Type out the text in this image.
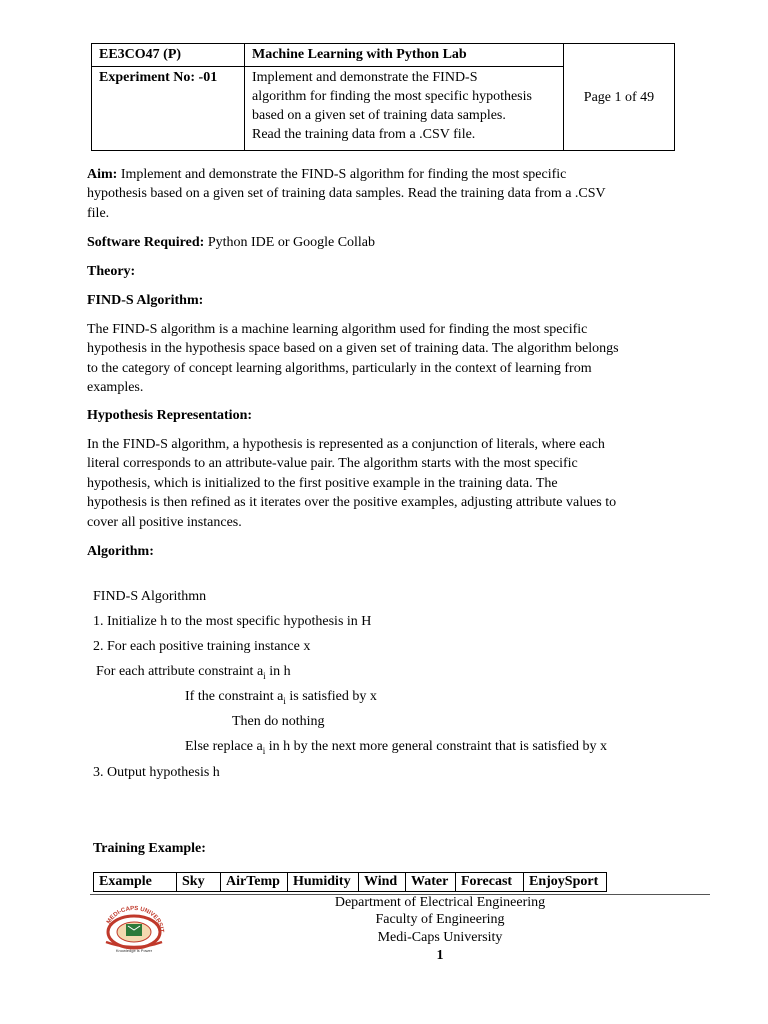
EE3CO47 (P)	Machine Learning with Python Lab	Page 1 of 49
Experiment No: -01	Implement and demonstrate the FIND-S
algorithm for finding the most specific hypothesis
based on a given set of training data samples.
Read the training data from a .CSV file.	

Aim: Implement and demonstrate the FIND-S algorithm for finding the most specific
hypothesis based on a given set of training data samples. Read the training data from a .CSV
file.

Software Required: Python IDE or Google Collab

Theory:

FIND-S Algorithm:

The FIND-S algorithm is a machine learning algorithm used for finding the most specific
hypothesis in the hypothesis space based on a given set of training data. The algorithm belongs
to the category of concept learning algorithms, particularly in the context of learning from
examples.

Hypothesis Representation:

In the FIND-S algorithm, a hypothesis is represented as a conjunction of literals, where each
literal corresponds to an attribute-value pair. The algorithm starts with the most specific
hypothesis, which is initialized to the first positive example in the training data. The
hypothesis is then refined as it iterates over the positive examples, adjusting attribute values to
cover all positive instances.

Algorithm:

FIND-S Algorithmn
1. Initialize h to the most specific hypothesis in H
2. For each positive training instance x
For each attribute constraint $a_i$ in h
If the constraint $a_i$ is satisfied by x
Then do nothing
Else replace $a_i$ in h by the next more general constraint that is satisfied by x
3. Output hypothesis h
Training Example:
Example	Sky	AirTemp	Humidity	Wind	Water	Forecast	EnjoySport
MEDI-CAPS UNIVERSIT
Knowledge is Power
Department of Electrical Engineering
Faculty of Engineering
Medi-Caps University
1
